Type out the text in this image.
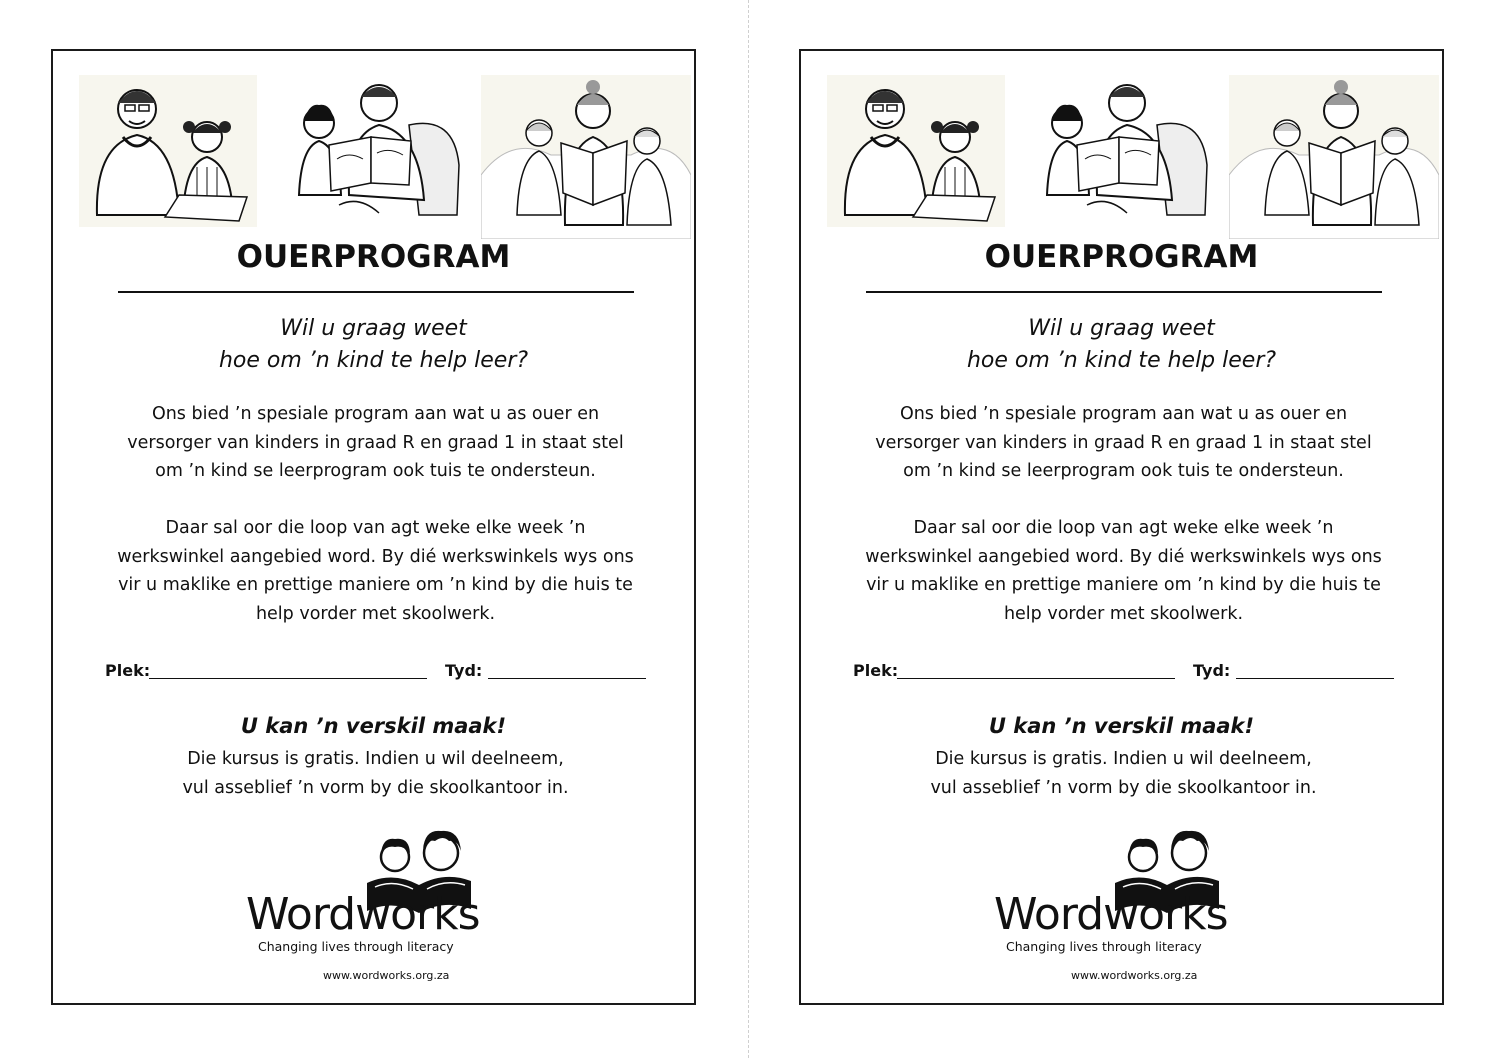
OUERPROGRAM
Wil u graag weet
hoe om ’n kind te help leer?
Ons bied ’n spesiale program aan wat u as ouer en
versorger van kinders in graad R en graad 1 in staat stel
om ’n kind se leerprogram ook tuis te ondersteun.
Daar sal oor die loop van agt weke elke week ’n
werkswinkel aangebied word. By dié werkswinkels wys ons
vir u maklike en prettige maniere om ’n kind by die huis te
help vorder met skoolwerk.
Plek:	Tyd:
U kan ’n verskil maak!
Die kursus is gratis. Indien u wil deelneem,
vul asseblief ’n vorm by die skoolkantoor in.
Wordworks
Changing lives through literacy
www.wordworks.org.za
OUERPROGRAM
Wil u graag weet
hoe om ’n kind te help leer?
Ons bied ’n spesiale program aan wat u as ouer en
versorger van kinders in graad R en graad 1 in staat stel
om ’n kind se leerprogram ook tuis te ondersteun.
Daar sal oor die loop van agt weke elke week ’n
werkswinkel aangebied word. By dié werkswinkels wys ons
vir u maklike en prettige maniere om ’n kind by die huis te
help vorder met skoolwerk.
Plek:	Tyd:
U kan ’n verskil maak!
Die kursus is gratis. Indien u wil deelneem,
vul asseblief ’n vorm by die skoolkantoor in.
Wordworks
Changing lives through literacy
www.wordworks.org.za
